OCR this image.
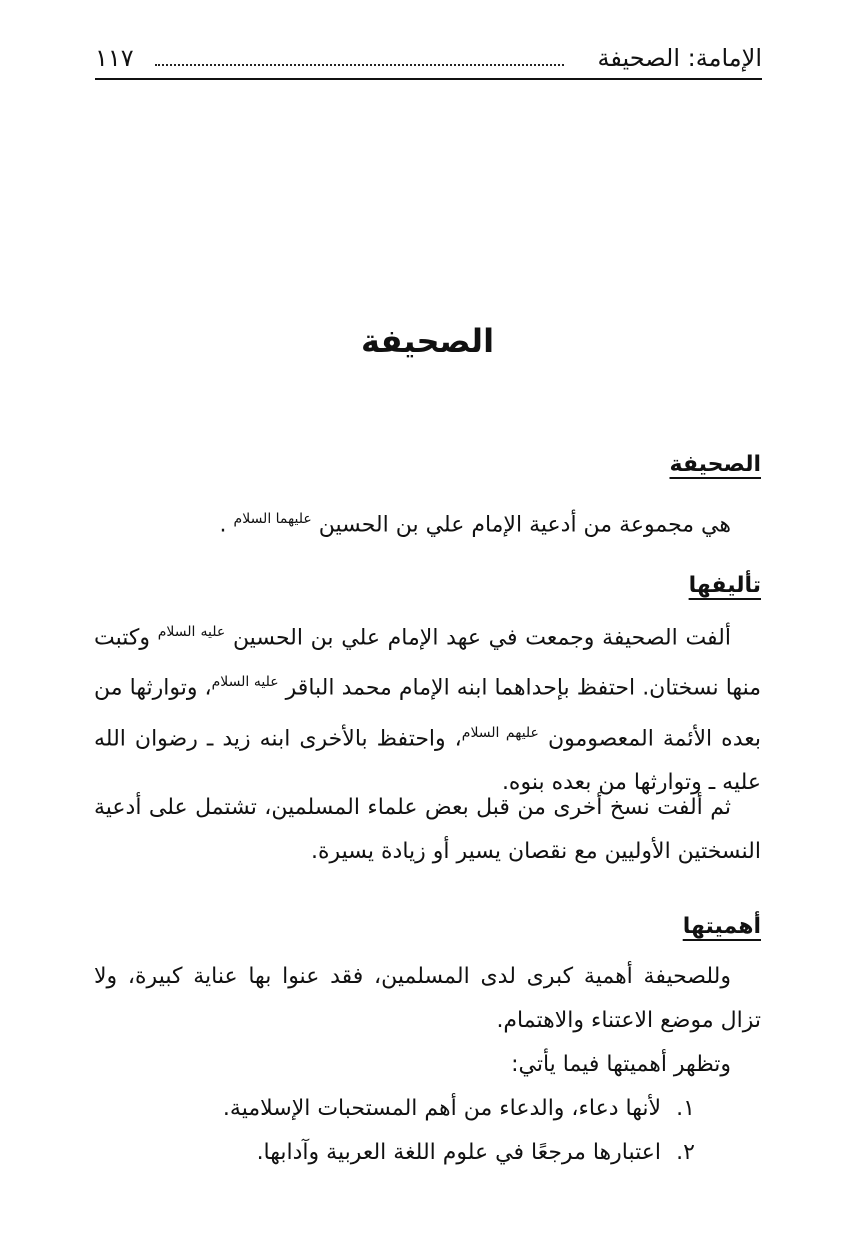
الإمامة: الصحيفة
١١٧
الصحيفة
الصحيفة
هي مجموعة من أدعية الإمام علي بن الحسين $^{عليهما السلام}$ .
تأليفها
ألفت الصحيفة وجمعت في عهد الإمام علي بن الحسين $^{عليه السلام}$ وكتبت منها نسختان. احتفظ بإحداهما ابنه الإمام محمد الباقر $^{عليه السلام}$، وتوارثها من بعده الأئمة المعصومون $^{عليهم السلام}$، واحتفظ بالأخرى ابنه زيد ـ رضوان الله عليه ـ وتوارثها من بعده بنوه.
ثم ألفت نسخ أخرى من قبل بعض علماء المسلمين، تشتمل على أدعية النسختين الأوليين مع نقصان يسير أو زيادة يسيرة.
أهميتها
وللصحيفة أهمية كبرى لدى المسلمين، فقد عنوا بها عناية كبيرة، ولا تزال موضع الاعتناء والاهتمام.
وتظهر أهميتها فيما يأتي:
١.
لأنها دعاء، والدعاء من أهم المستحبات الإسلامية.
٢.
اعتبارها مرجعًا في علوم اللغة العربية وآدابها.
